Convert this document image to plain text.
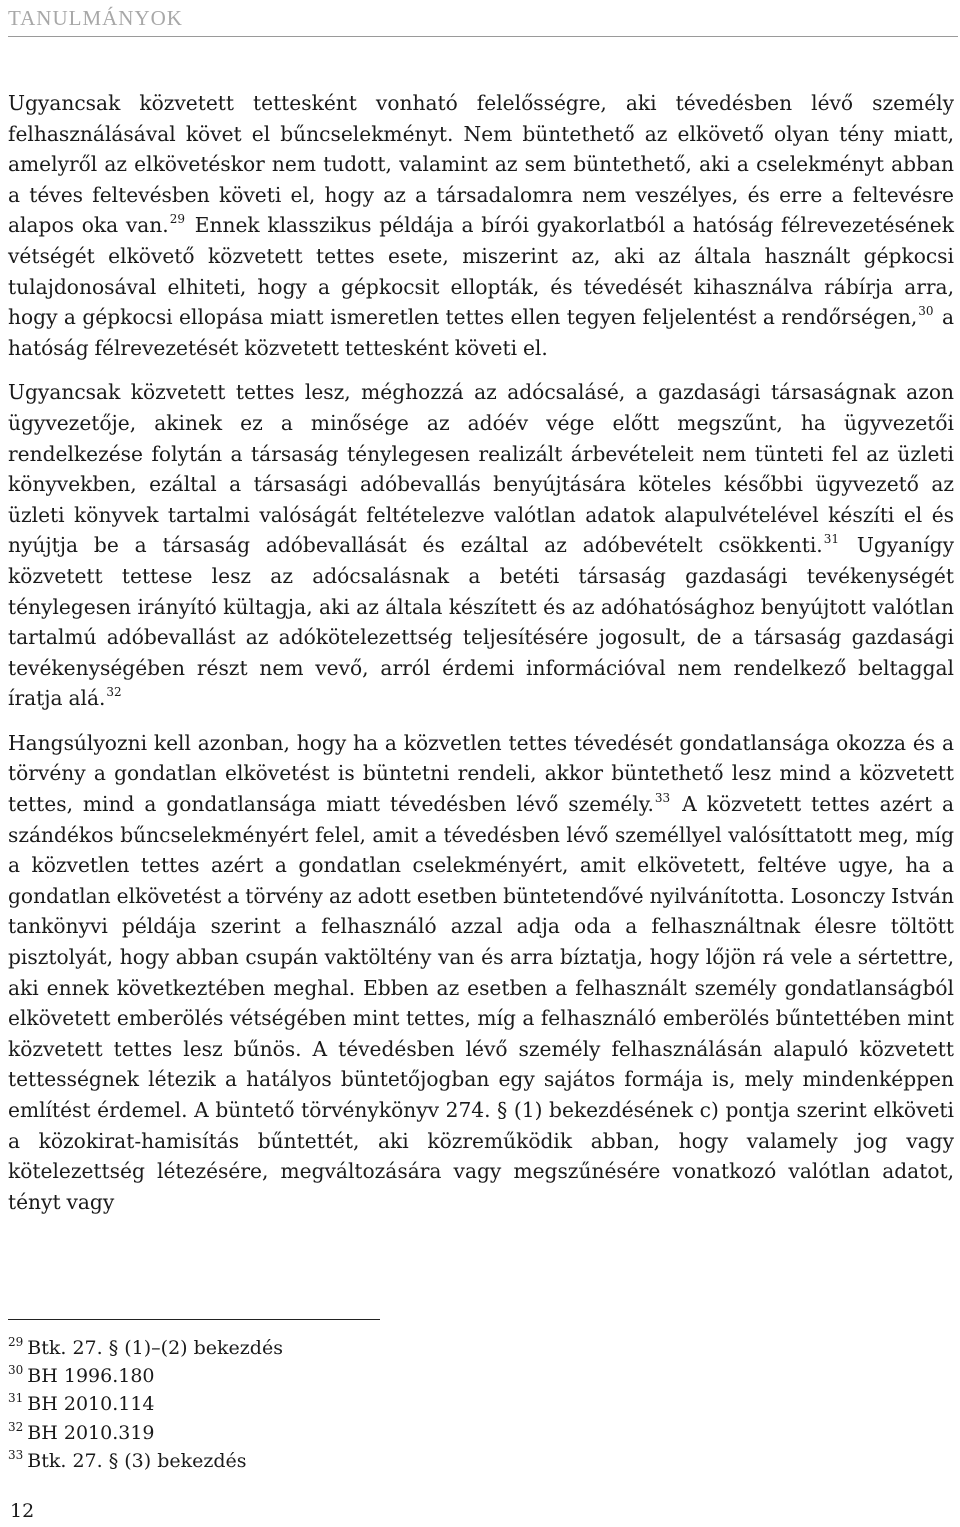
TANULMÁNYOK

Ugyancsak közvetett tettesként vonható felelősségre, aki tévedésben lévő személy felhasználásával követ el bűncselekményt. Nem büntethető az elkövető olyan tény miatt, amelyről az elkövetéskor nem tudott, valamint az sem büntethető, aki a cselekményt abban a téves feltevésben követi el, hogy az a társadalomra nem veszélyes, és erre a feltevésre alapos oka van.$^{29}$ Ennek klasszikus példája a bírói gyakorlatból a hatóság félrevezetésének vétségét elkövető közvetett tettes esete, miszerint az, aki az általa használt gépkocsi tulajdonosával elhiteti, hogy a gépkocsit ellopták, és tévedését kihasználva rábírja arra, hogy a gépkocsi ellopása miatt ismeretlen tettes ellen tegyen feljelentést a rendőrségen,$^{30}$ a hatóság félrevezetését közvetett tettesként követi el.

Ugyancsak közvetett tettes lesz, méghozzá az adócsalásé, a gazdasági társaságnak azon ügyvezetője, akinek ez a minősége az adóév vége előtt megszűnt, ha ügyvezetői rendelkezése folytán a társaság ténylegesen realizált árbevételeit nem tünteti fel az üzleti könyvekben, ezáltal a társasági adóbevallás benyújtására köteles későbbi ügyvezető az üzleti könyvek tartalmi valóságát feltételezve valótlan adatok alapulvételével készíti el és nyújtja be a társaság adóbevallását és ezáltal az adóbevételt csökkenti.$^{31}$ Ugyanígy közvetett tettese lesz az adócsalásnak a betéti társaság gazdasági tevékenységét ténylegesen irányító kültagja, aki az általa készített és az adóhatósághoz benyújtott valótlan tartalmú adóbevallást az adókötelezettség teljesítésére jogosult, de a társaság gazdasági tevékenységében részt nem vevő, arról érdemi információval nem rendelkező beltaggal íratja alá.$^{32}$

Hangsúlyozni kell azonban, hogy ha a közvetlen tettes tévedését gondatlansága okozza és a törvény a gondatlan elkövetést is büntetni rendeli, akkor büntethető lesz mind a közvetett tettes, mind a gondatlansága miatt tévedésben lévő személy.$^{33}$ A közvetett tettes azért a szándékos bűncselekményért felel, amit a tévedésben lévő személlyel valósíttatott meg, míg a közvetlen tettes azért a gondatlan cselekményért, amit elkövetett, feltéve ugye, ha a gondatlan elkövetést a törvény az adott esetben büntetendővé nyilvánította. Losonczy István tankönyvi példája szerint a felhasználó azzal adja oda a felhasználtnak élesre töltött pisztolyát, hogy abban csupán vaktöltény van és arra bíztatja, hogy lőjön rá vele a sértettre, aki ennek következtében meghal. Ebben az esetben a felhasznált személy gondatlanságból elkövetett emberölés vétségében mint tettes, míg a felhasználó emberölés bűntettében mint közvetett tettes lesz bűnös. A tévedésben lévő személy felhasználásán alapuló közvetett tettességnek létezik a hatályos büntetőjogban egy sajátos formája is, mely mindenképpen említést érdemel. A büntető törvénykönyv 274. § (1) bekezdésének c) pontja szerint elköveti a közokirat-hamisítás bűntettét, aki közreműködik abban, hogy valamely jog vagy kötelezettség létezésére, megváltozására vagy megszűnésére vonatkozó valótlan adatot, tényt vagy

$^{29}$ Btk. 27. § (1)–(2) bekezdés
$^{30}$ BH 1996.180
$^{31}$ BH 2010.114
$^{32}$ BH 2010.319
$^{33}$ Btk. 27. § (3) bekezdés
12
